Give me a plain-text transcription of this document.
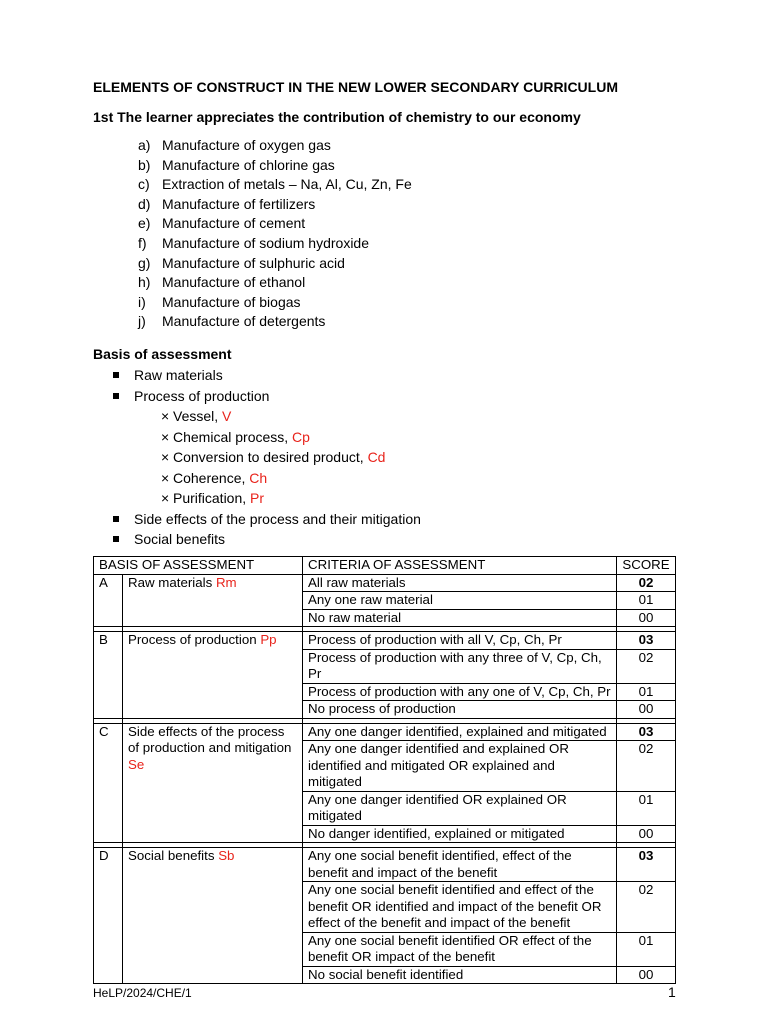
ELEMENTS OF CONSTRUCT IN THE NEW LOWER SECONDARY CURRICULUM
1st The learner appreciates the contribution of chemistry to our economy
a) Manufacture of oxygen gas
b) Manufacture of chlorine gas
c) Extraction of metals – Na, Al, Cu, Zn, Fe
d) Manufacture of fertilizers
e) Manufacture of cement
f) Manufacture of sodium hydroxide
g) Manufacture of sulphuric acid
h) Manufacture of ethanol
i) Manufacture of biogas
j) Manufacture of detergents
Basis of assessment
Raw materials
Process of production
× Vessel, V
× Chemical process, Cp
× Conversion to desired product, Cd
× Coherence, Ch
× Purification, Pr
Side effects of the process and their mitigation
Social benefits
BASIS OF ASSESSMENT		CRITERIA OF ASSESSMENT	SCORE
A	Raw materials Rm	All raw materials	02
		Any one raw material	01
		No raw material	00

B	Process of production Pp	Process of production with all V, Cp, Ch, Pr	03
		Process of production with any three of V, Cp, Ch, Pr	02
		Process of production with any one of V, Cp, Ch, Pr	01
		No process of production	00

C	Side effects of the process of production and mitigation Se	Any one danger identified, explained and mitigated	03
		Any one danger identified and explained OR identified and mitigated OR explained and mitigated	02
		Any one danger identified OR explained OR mitigated	01
		No danger identified, explained or mitigated	00

D	Social benefits Sb	Any one social benefit identified, effect of the benefit and impact of the benefit	03
		Any one social benefit identified and effect of the benefit OR identified and impact of the benefit OR effect of the benefit and impact of the benefit	02
		Any one social benefit identified OR effect of the benefit OR impact of the benefit	01
		No social benefit identified	00
HeLP/2024/CHE/1	1
